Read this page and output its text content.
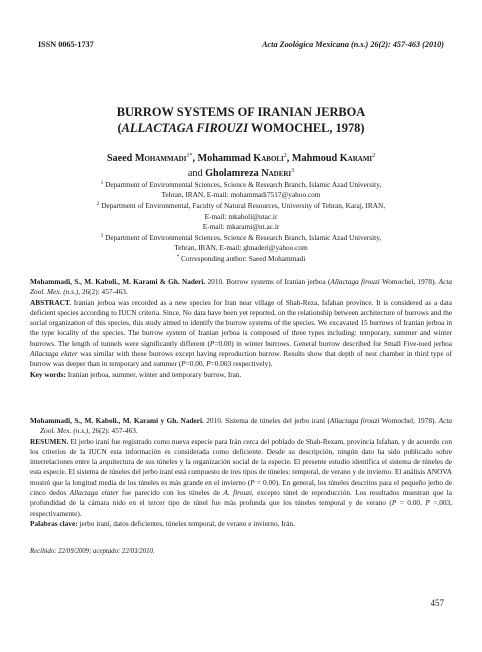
ISSN 0065-1737	Acta Zoológica Mexicana (n.s.) 26(2): 457-463 (2010)
BURROW SYSTEMS OF IRANIAN JERBOA
(ALLACTAGA FIROUZI WOMOCHEL, 1978)
Saeed Mohammadi$^{1*}$, Mohammad Kaboli$^2$, Mahmoud Karami$^2$
and Gholamreza Naderi$^3$
$^1$ Department of Environmental Sciences, Science & Research Branch, Islamic Azad University,
Tehran, IRAN, E-mail: mohammadi7517@yahoo.com
$^2$ Department of Environmental, Faculty of Natural Resources, University of Tehran, Karaj, IRAN,
E-mail: mkaboli@utac.ir
E-mail: mkarami@ut.ac.ir
$^3$ Department of Environmental Sciences, Science & Research Branch, Islamic Azad University,
Tehran, IRAN, E-mail: ghnaderi@yahoo.com
* Corresponding author: Saeed Mohammadi

Mohammadi, S., M. Kaboli., M. Karami & Gh. Naderi. 2010. Borrow systems of Iranian jerboa (Allactaga firouzi Womochel, 1978). Acta Zool. Mex. (n.s.), 26(2): 457-463.

ABSTRACT. Iranian jerboa was recorded as a new species for Iran near village of Shah-Reza, Isfahan province. It is considered as a data deficient species according to IUCN criteria. Since, No data have been yet reported, on the relationship between architecture of burrows and the social organization of this species, this study aimed to identify the burrow systems of the species. We excavated 15 burrows of Iranian jerboa in the type locality of the species. The burrow system of Iranian jerboa is composed of three types including: temporary, summer and winter burrows. The length of tunnels were significantly different (P=0.00) in winter burrows. General burrow described for Small Five-toed jerboa Allactaga elater was similar with these burrows except having reproduction burrow. Results show that depth of nest chamber in third type of burrow was deeper than in temporary and summer (P=0.00, P=0.003 respectively).

Key words: Iranian jerboa, summer, winter and temporary burrow, Iran.

Mohammadi, S., M. Kaboli., M. Karami y Gh. Naderi. 2010. Sistema de túneles del jerbo iraní (Allactaga firouzi Womochel, 1978). Acta Zool. Mex. (n.s.), 26(2): 457-463.

RESUMEN. El jerbo iraní fue registrado como nueva especie para Irán cerca del poblado de Shah-Rezam, provincia Isfahan, y de acuerdo con los criterios de la IUCN esta información es considerada como deficiente. Desde su descripción, ningún dato ha sido publicado sobre interrelaciones entre la arquitectura de sus túneles y la organización social de la especie. El presente estudio identifica el sistema de túneles de esta especie. El sistema de túneles del jerbo iraní está compuesto de tres tipos de túneles: temporal, de verano y de invierno. El análisis ANOVA mostró que la longitud media de los túneles es más grande en el invierno (P = 0.00). En general, los túneles descritos para el pequeño jerbo de cinco dedos Allactaga elater fue parecido con los túneles de A. firouzi, excepto túnel de reproducción. Los resultados muestran que la profundidad de la cámara nido en el tercer tipo de túnel fue más profunda que los túneles temporal y de verano (P = 0.00, P =.003, respectivamente).

Palabras clave: jerbo iraní, datos deficientes, túneles temporal, de verano e invierno, Irán.

Recibido: 22/09/2009; aceptado: 22/03/2010.
457
